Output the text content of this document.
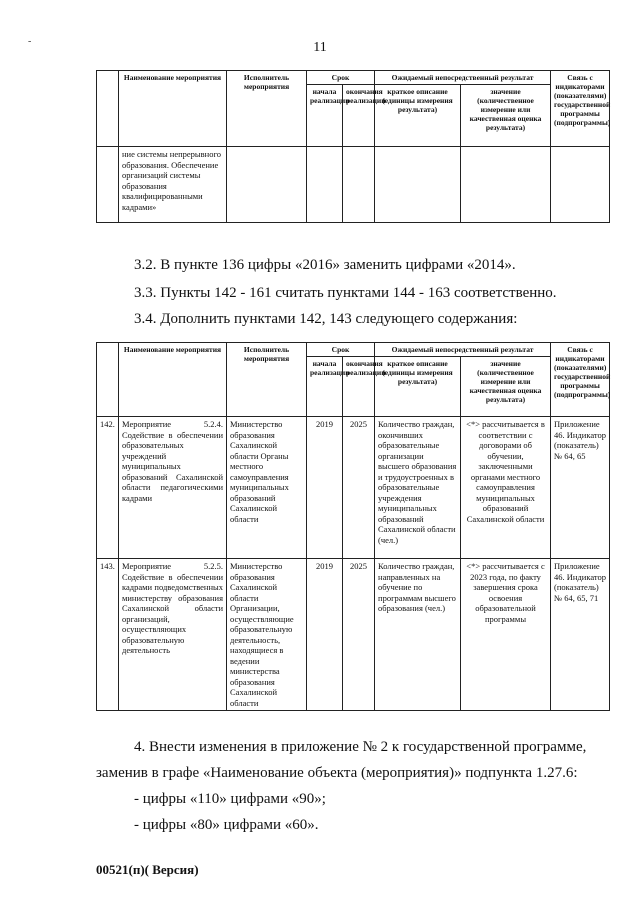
-	11
	Наименование мероприятия	Исполнитель мероприятия	Срок		Ожидаемый непосредственный результат		Связь с индикаторами (показателями) государственной программы (подпрограммы)
			начала реализации	окончания реализации	краткое описание (единицы измерения результата)	значение (количественное измерение или качественная оценка результата)	
	ние системы непрерывного образования. Обеспечение организаций системы образования квалифицированными кадрами»						
3.2. В пункте 136 цифры «2016» заменить цифрами «2014».
3.3. Пункты 142 - 161 считать пунктами 144 - 163 соответственно.
3.4. Дополнить пунктами 142, 143 следующего содержания:
	Наименование мероприятия	Исполнитель мероприятия	Срок		Ожидаемый непосредственный результат		Связь с индикаторами (показателями) государственной программы (подпрограммы)
			начала реализации	окончания реализации	краткое описание (единицы измерения результата)	значение (количественное измерение или качественная оценка результата)	
142.	Мероприятие 5.2.4. Содействие в обеспечении образовательных учреждений муниципальных образований Сахалинской области педагогическими кадрами	Министерство образования Сахалинской области Органы местного самоуправления муниципальных образований Сахалинской области	2019	2025	Количество граждан, окончивших образовательные организации высшего образования и трудоустроенных в образовательные учреждения муниципальных образований Сахалинской области (чел.)	<*> рассчитывается в соответствии с договорами об обучении, заключенными органами местного самоуправления муниципальных образований Сахалинской области	Приложение 46. Индикатор (показатель) № 64, 65
143.	Мероприятие 5.2.5. Содействие в обеспечении кадрами подведомственных министерству образования Сахалинской области организаций, осуществляющих образовательную деятельность	Министерство образования Сахалинской области Организации, осуществляющие образовательную деятельность, находящиеся в ведении министерства образования Сахалинской области	2019	2025	Количество граждан, направленных на обучение по программам высшего образования (чел.)	<*> рассчитывается с 2023 года, по факту завершения срока освоения образовательной программы	Приложение 46. Индикатор (показатель) № 64, 65, 71
4. Внести изменения в приложение № 2 к государственной программе,
заменив в графе «Наименование объекта (мероприятия)» подпункта 1.27.6:
- цифры «110» цифрами «90»;
- цифры «80» цифрами «60».
00521(п)( Версия)
